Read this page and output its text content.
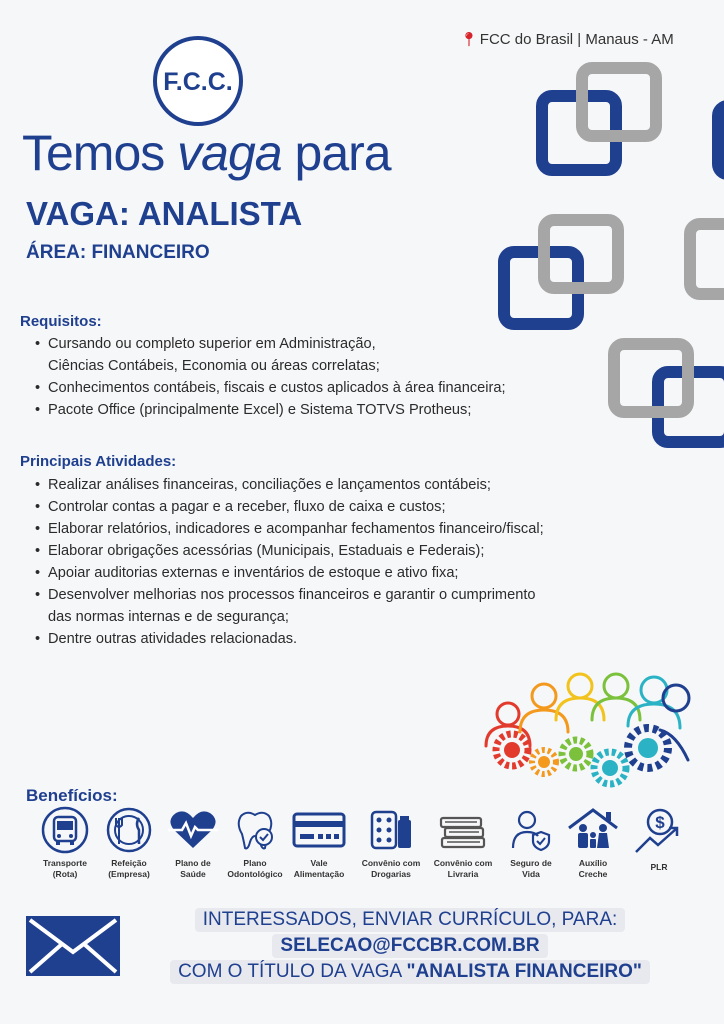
📍︎ FCC do Brasil | Manaus - AM
F.C.C.
Temos vaga para
VAGA: ANALISTA
ÁREA: FINANCEIRO
Requisitos:
• Cursando ou completo superior em Administração,
Ciências Contábeis, Economia ou áreas correlatas;
• Conhecimentos contábeis, fiscais e custos aplicados à área financeira;
• Pacote Office (principalmente Excel) e Sistema TOTVS Protheus;
Principais Atividades:
• Realizar análises financeiras, conciliações e lançamentos contábeis;
• Controlar contas a pagar e a receber, fluxo de caixa e custos;
• Elaborar relatórios, indicadores e acompanhar fechamentos financeiro/fiscal;
• Elaborar obrigações acessórias (Municipais, Estaduais e Federais);
• Apoiar auditorias externas e inventários de estoque e ativo fixa;
• Desenvolver melhorias nos processos financeiros e garantir o cumprimento
das normas internas e de segurança;
• Dentre outras atividades relacionadas.
Benefícios:
Transporte
(Rota)
Refeição
(Empresa)
Plano de
Saúde
Plano
Odontológico
Vale
Alimentação
Convênio com
Drogarias
Convênio com
Livraria
Seguro de
Vida
Auxílio
Creche
$
PLR
INTERESSADOS, ENVIAR CURRÍCULO, PARA:
SELECAO@FCCBR.COM.BR
COM O TÍTULO DA VAGA "ANALISTA FINANCEIRO"
